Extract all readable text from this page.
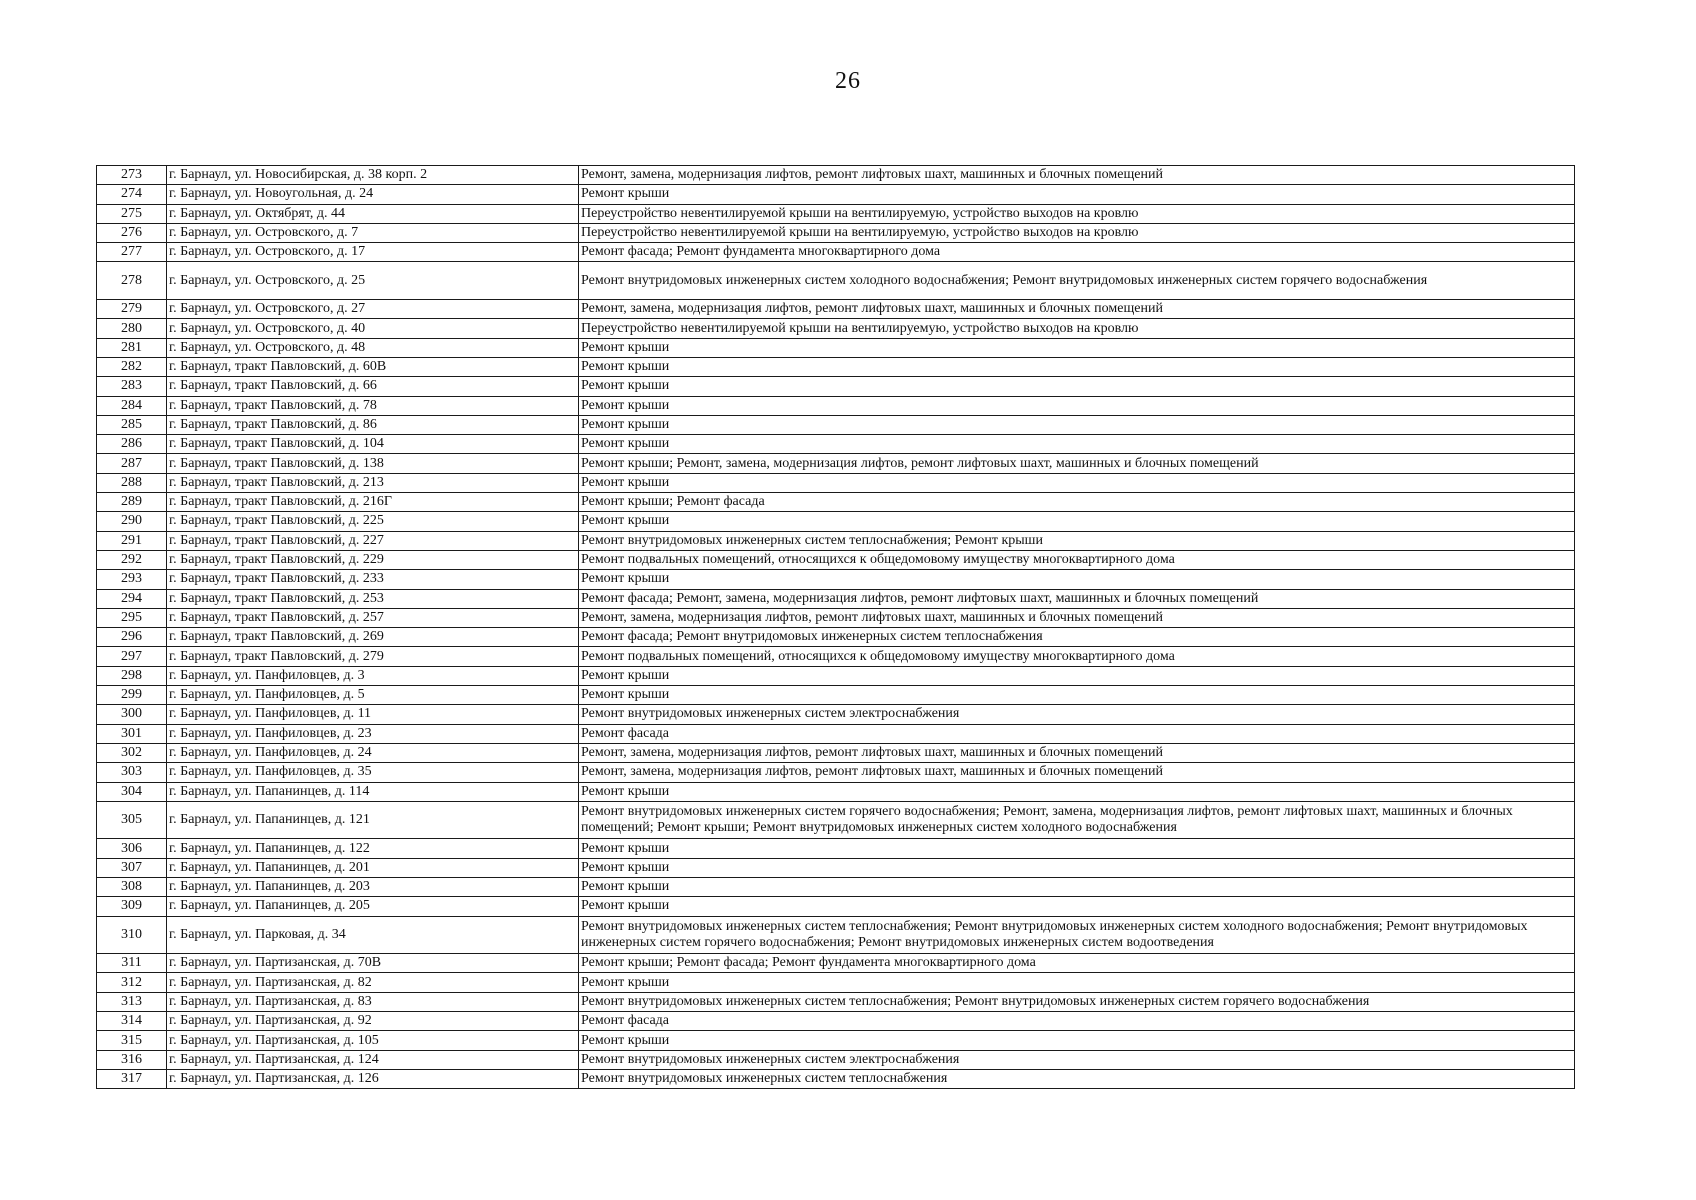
26
273	г. Барнаул, ул. Новосибирская, д. 38 корп. 2	Ремонт, замена, модернизация лифтов, ремонт лифтовых шахт, машинных и блочных помещений
274	г. Барнаул, ул. Новоугольная, д. 24	Ремонт крыши
275	г. Барнаул, ул. Октябрят, д. 44	Переустройство невентилируемой крыши на вентилируемую, устройство выходов на кровлю
276	г. Барнаул, ул. Островского, д. 7	Переустройство невентилируемой крыши на вентилируемую, устройство выходов на кровлю
277	г. Барнаул, ул. Островского, д. 17	Ремонт фасада; Ремонт фундамента многоквартирного дома
278	г. Барнаул, ул. Островского, д. 25	Ремонт внутридомовых инженерных систем холодного водоснабжения; Ремонт внутридомовых инженерных систем горячего водоснабжения
279	г. Барнаул, ул. Островского, д. 27	Ремонт, замена, модернизация лифтов, ремонт лифтовых шахт, машинных и блочных помещений
280	г. Барнаул, ул. Островского, д. 40	Переустройство невентилируемой крыши на вентилируемую, устройство выходов на кровлю
281	г. Барнаул, ул. Островского, д. 48	Ремонт крыши
282	г. Барнаул, тракт Павловский, д. 60В	Ремонт крыши
283	г. Барнаул, тракт Павловский, д. 66	Ремонт крыши
284	г. Барнаул, тракт Павловский, д. 78	Ремонт крыши
285	г. Барнаул, тракт Павловский, д. 86	Ремонт крыши
286	г. Барнаул, тракт Павловский, д. 104	Ремонт крыши
287	г. Барнаул, тракт Павловский, д. 138	Ремонт крыши; Ремонт, замена, модернизация лифтов, ремонт лифтовых шахт, машинных и блочных помещений
288	г. Барнаул, тракт Павловский, д. 213	Ремонт крыши
289	г. Барнаул, тракт Павловский, д. 216Г	Ремонт крыши; Ремонт фасада
290	г. Барнаул, тракт Павловский, д. 225	Ремонт крыши
291	г. Барнаул, тракт Павловский, д. 227	Ремонт внутридомовых инженерных систем теплоснабжения; Ремонт крыши
292	г. Барнаул, тракт Павловский, д. 229	Ремонт подвальных помещений, относящихся к общедомовому имуществу многоквартирного дома
293	г. Барнаул, тракт Павловский, д. 233	Ремонт крыши
294	г. Барнаул, тракт Павловский, д. 253	Ремонт фасада; Ремонт, замена, модернизация лифтов, ремонт лифтовых шахт, машинных и блочных помещений
295	г. Барнаул, тракт Павловский, д. 257	Ремонт, замена, модернизация лифтов, ремонт лифтовых шахт, машинных и блочных помещений
296	г. Барнаул, тракт Павловский, д. 269	Ремонт фасада; Ремонт внутридомовых инженерных систем теплоснабжения
297	г. Барнаул, тракт Павловский, д. 279	Ремонт подвальных помещений, относящихся к общедомовому имуществу многоквартирного дома
298	г. Барнаул, ул. Панфиловцев, д. 3	Ремонт крыши
299	г. Барнаул, ул. Панфиловцев, д. 5	Ремонт крыши
300	г. Барнаул, ул. Панфиловцев, д. 11	Ремонт внутридомовых инженерных систем электроснабжения
301	г. Барнаул, ул. Панфиловцев, д. 23	Ремонт фасада
302	г. Барнаул, ул. Панфиловцев, д. 24	Ремонт, замена, модернизация лифтов, ремонт лифтовых шахт, машинных и блочных помещений
303	г. Барнаул, ул. Панфиловцев, д. 35	Ремонт, замена, модернизация лифтов, ремонт лифтовых шахт, машинных и блочных помещений
304	г. Барнаул, ул. Папанинцев, д. 114	Ремонт крыши
305	г. Барнаул, ул. Папанинцев, д. 121	Ремонт внутридомовых инженерных систем горячего водоснабжения; Ремонт, замена, модернизация лифтов, ремонт лифтовых шахт, машинных и блочных помещений; Ремонт крыши; Ремонт внутридомовых инженерных систем холодного водоснабжения
306	г. Барнаул, ул. Папанинцев, д. 122	Ремонт крыши
307	г. Барнаул, ул. Папанинцев, д. 201	Ремонт крыши
308	г. Барнаул, ул. Папанинцев, д. 203	Ремонт крыши
309	г. Барнаул, ул. Папанинцев, д. 205	Ремонт крыши
310	г. Барнаул, ул. Парковая, д. 34	Ремонт внутридомовых инженерных систем теплоснабжения; Ремонт внутридомовых инженерных систем холодного водоснабжения; Ремонт внутридомовых инженерных систем горячего водоснабжения; Ремонт внутридомовых инженерных систем водоотведения
311	г. Барнаул, ул. Партизанская, д. 70В	Ремонт крыши; Ремонт фасада; Ремонт фундамента многоквартирного дома
312	г. Барнаул, ул. Партизанская, д. 82	Ремонт крыши
313	г. Барнаул, ул. Партизанская, д. 83	Ремонт внутридомовых инженерных систем теплоснабжения; Ремонт внутридомовых инженерных систем горячего водоснабжения
314	г. Барнаул, ул. Партизанская, д. 92	Ремонт фасада
315	г. Барнаул, ул. Партизанская, д. 105	Ремонт крыши
316	г. Барнаул, ул. Партизанская, д. 124	Ремонт внутридомовых инженерных систем электроснабжения
317	г. Барнаул, ул. Партизанская, д. 126	Ремонт внутридомовых инженерных систем теплоснабжения
